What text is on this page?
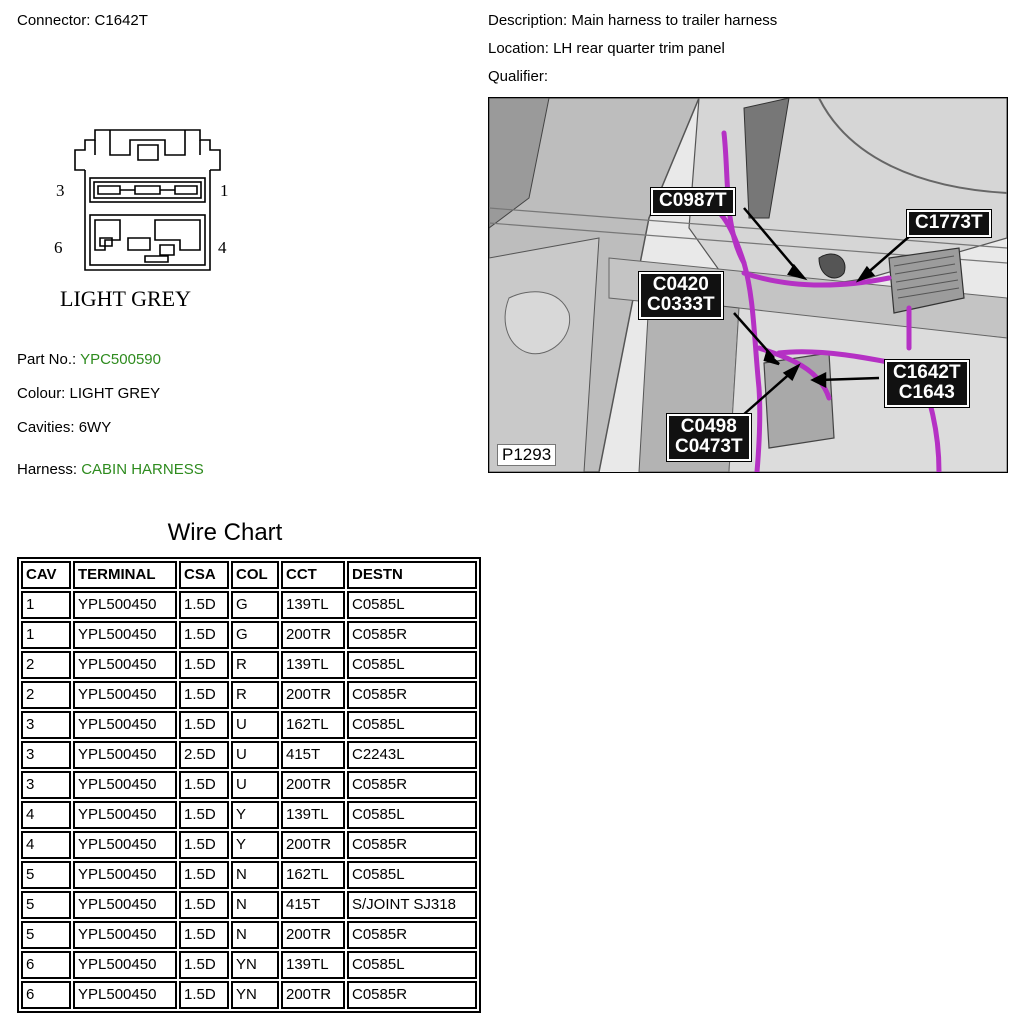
Connector: C1642T	Description: Main harness to trailer harness
Location: LH rear quarter trim panel
Qualifier:
3	1
6	4
LIGHT GREY
Part No.: YPC500590
Colour: LIGHT GREY
Cavities: 6WY
Harness: CABIN HARNESS
C0987T
C1773T
C0420
C0333T
C1642T
C1643
C0498
C0473T
P1293
Wire Chart
CAV	TERMINAL	CSA	COL	CCT	DESTN
1	YPL500450	1.5D	G	139TL	C0585L
1	YPL500450	1.5D	G	200TR	C0585R
2	YPL500450	1.5D	R	139TL	C0585L
2	YPL500450	1.5D	R	200TR	C0585R
3	YPL500450	1.5D	U	162TL	C0585L
3	YPL500450	2.5D	U	415T	C2243L
3	YPL500450	1.5D	U	200TR	C0585R
4	YPL500450	1.5D	Y	139TL	C0585L
4	YPL500450	1.5D	Y	200TR	C0585R
5	YPL500450	1.5D	N	162TL	C0585L
5	YPL500450	1.5D	N	415T	S/JOINT SJ318
5	YPL500450	1.5D	N	200TR	C0585R
6	YPL500450	1.5D	YN	139TL	C0585L
6	YPL500450	1.5D	YN	200TR	C0585R
